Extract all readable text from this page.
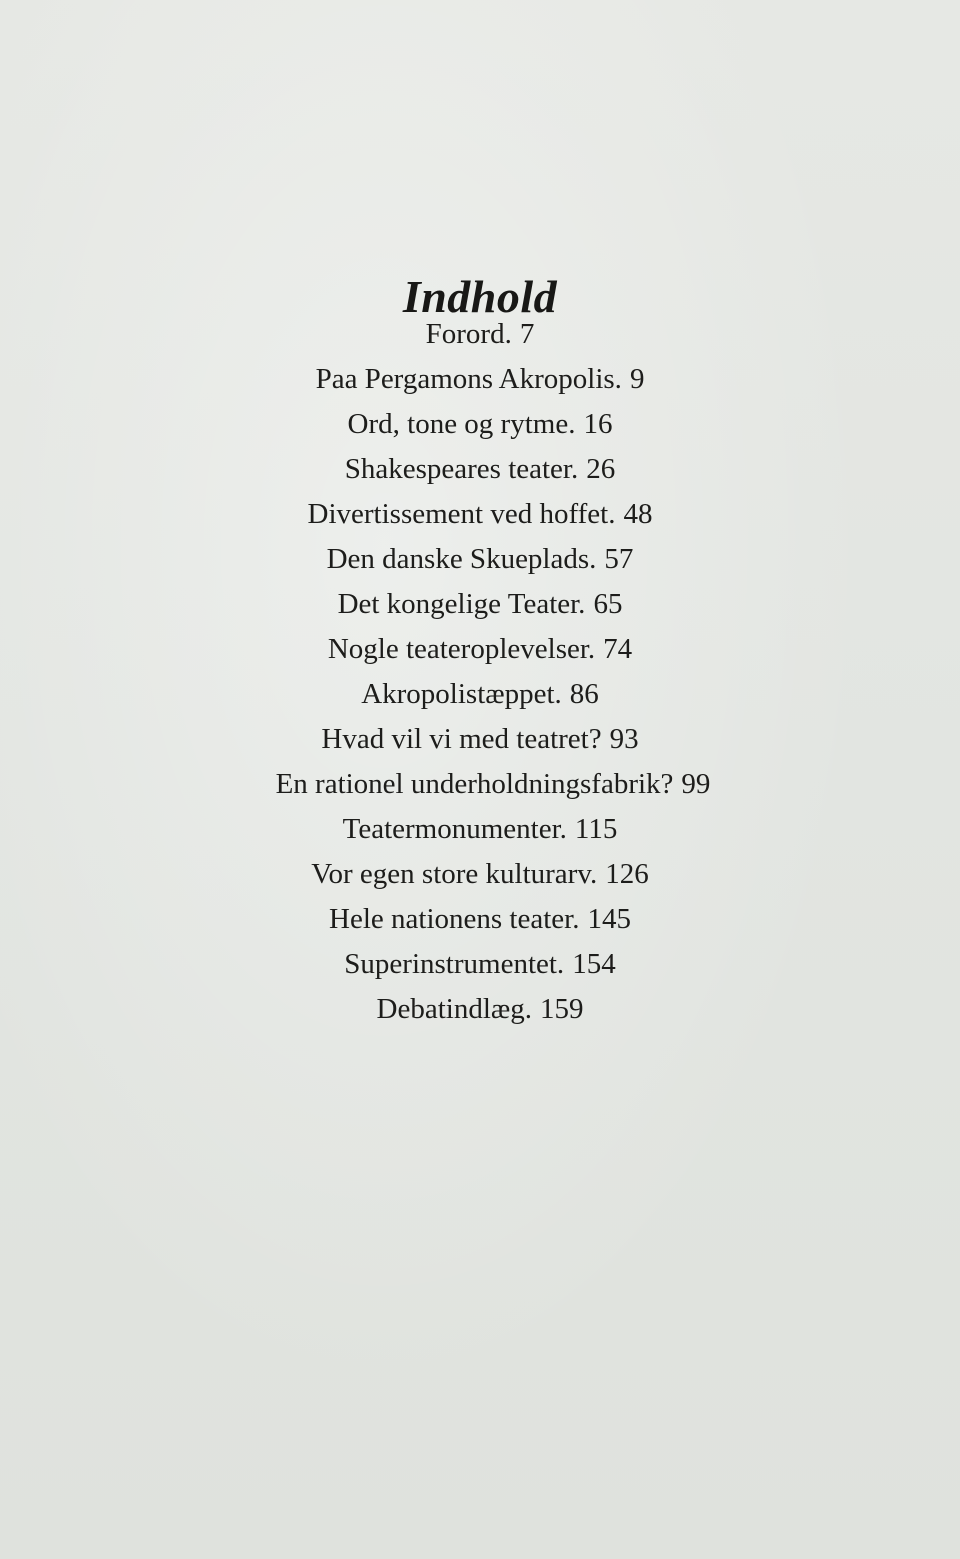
Indhold
Forord. 7
Paa Pergamons Akropolis. 9
Ord, tone og rytme. 16
Shakespeares teater. 26
Divertissement ved hoffet. 48
Den danske Skueplads. 57
Det kongelige Teater. 65
Nogle teateroplevelser. 74
Akropolistæppet. 86
Hvad vil vi med teatret? 93
En rationel underholdningsfabrik? 99
Teatermonumenter. 115
Vor egen store kulturarv. 126
Hele nationens teater. 145
Superinstrumentet. 154
Debatindlæg. 159
